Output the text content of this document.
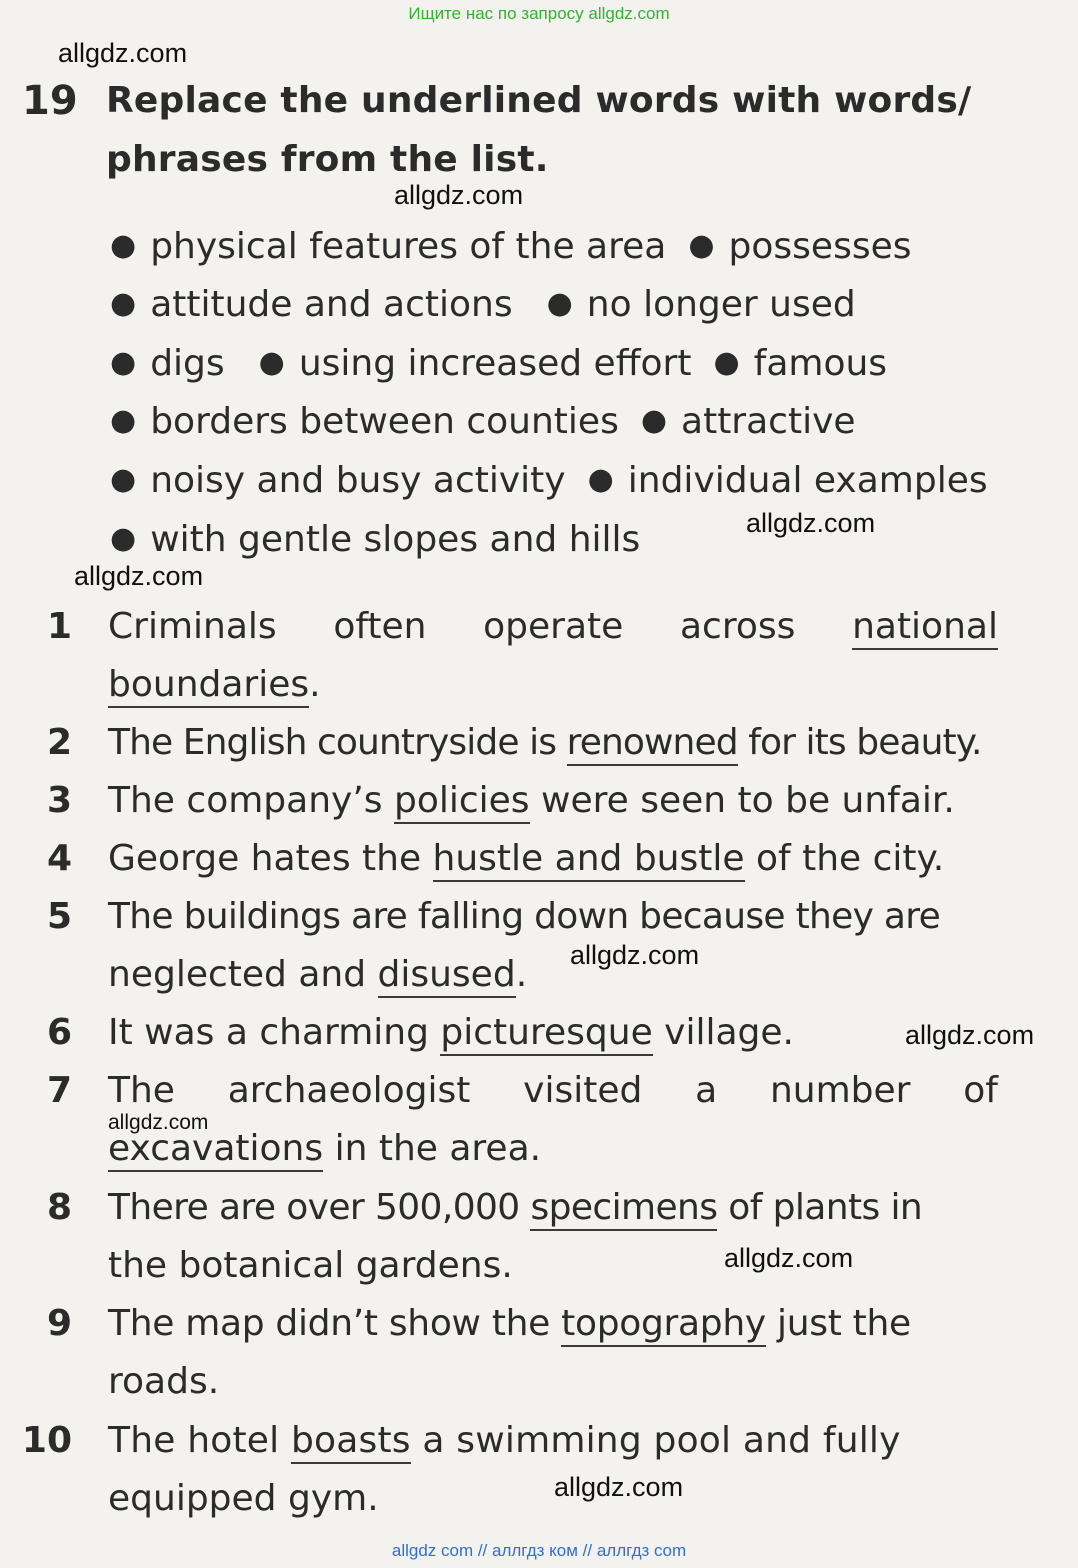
Ищите нас по запросу allgdz.com
allgdz.com
allgdz.com
allgdz.com
allgdz.com
allgdz.com
allgdz.com
allgdz.com
allgdz.com
allgdz.com
19 Replace the underlined words with words/
phrases from the list.
● physical features of the area ● possesses
● attitude and actions ● no longer used
● digs ● using increased effort ● famous
● borders between counties ● attractive
● noisy and busy activity ● individual examples
● with gentle slopes and hills
1 Criminals often operate across national
boundaries.
2 The English countryside is renowned for its beauty.
3 The company’s policies were seen to be unfair.
4 George hates the hustle and bustle of the city.
5 The buildings are falling down because they are
neglected and disused.
6 It was a charming picturesque village.
7 The archaeologist visited a number of
excavations in the area.
8 There are over 500,000 specimens of plants in
the botanical gardens.
9 The map didn’t show the topography just the
roads.
10 The hotel boasts a swimming pool and fully
equipped gym.
allgdz com // аллгдз ком // аллгдз com
